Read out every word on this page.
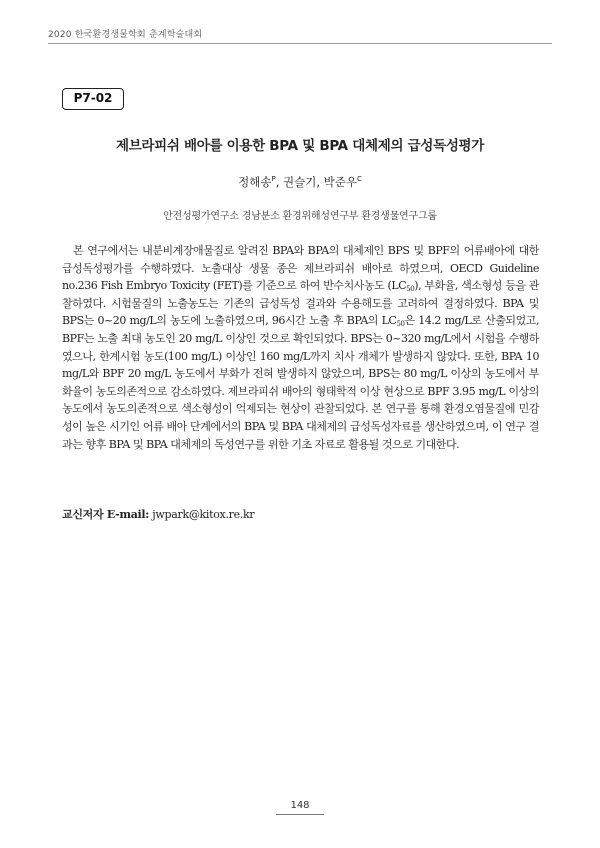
2020 한국환경생물학회 춘계학술대회
P7-02
제브라피쉬 배아를 이용한 BPA 및 BPA 대체제의 급성독성평가
정해송$^P$, 권슬기, 박준우$^C$
안전성평가연구소 경남분소 환경위해성연구부 환경생물연구그룹

본 연구에서는 내분비계장애물질로 알려진 BPA와 BPA의 대체제인 BPS 및 BPF의 어류배아에 대한 급성독성평가를 수행하였다. 노출대상 생물 종은 제브라피쉬 배아로 하였으며, OECD Guideline no.236 Fish Embryo Toxicity (FET)를 기준으로 하여 반수치사농도 $(LC_{50})$, 부화율, 색소형성 등을 관찰하였다. 시험물질의 노출농도는 기존의 급성독성 결과와 수용해도를 고려하여 결정하였다. BPA 및 BPS는 0~20 mg/L의 농도에 노출하였으며, 96시간 노출 후 BPA의 $LC_{50}$은 14.2 mg/L로 산출되었고, BPF는 노출 최대 농도인 20 mg/L 이상인 것으로 확인되었다. BPS는 0~320 mg/L에서 시험을 수행하였으나, 한계시험 농도(100 mg/L) 이상인 160 mg/L까지 치사 개체가 발생하지 않았다. 또한, BPA 10 mg/L와 BPF 20 mg/L 농도에서 부화가 전혀 발생하지 않았으며, BPS는 80 mg/L 이상의 농도에서 부화율이 농도의존적으로 감소하였다. 제브라피쉬 배아의 형태학적 이상 현상으로 BPF 3.95 mg/L 이상의 농도에서 농도의존적으로 색소형성이 억제되는 현상이 관찰되었다. 본 연구를 통해 환경오염물질에 민감성이 높은 시기인 어류 배아 단계에서의 BPA 및 BPA 대체제의 급성독성자료를 생산하였으며, 이 연구 결과는 향후 BPA 및 BPA 대체제의 독성연구를 위한 기초 자료로 활용될 것으로 기대한다.

교신저자 E-mail: jwpark@kitox.re.kr
148
